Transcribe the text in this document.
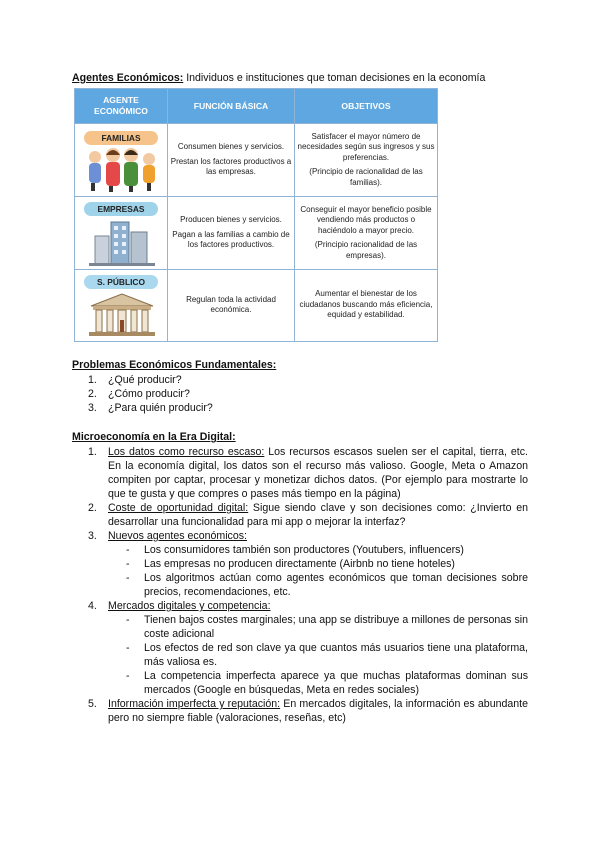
Agentes Económicos: Individuos e instituciones que toman decisiones en la economía
AGENTE ECONÓMICO
FUNCIÓN BÁSICA	OBJETIVOS
FAMILIAS

Consumen bienes y servicios.

Prestan los factores productivos a las empresas.

Satisfacer el mayor número de necesidades según sus ingresos y sus preferencias.

(Principio de racionalidad de las familias).

EMPRESAS

Producen bienes y servicios.

Pagan a las familias a cambio de los factores productivos.

Conseguir el mayor beneficio posible vendiendo más productos o haciéndolo a mayor precio.

(Principio racionalidad de las empresas).

S. PÚBLICO

Regulan toda la actividad económica.

Aumentar el bienestar de los ciudadanos buscando más eficiencia, equidad y estabilidad.

Problemas Económicos Fundamentales:
1. ¿Qué producir?
2. ¿Cómo producir?
3. ¿Para quién producir?
Microeconomía en la Era Digital:
1. Los datos como recurso escaso: Los recursos escasos suelen ser el capital, tierra, etc. En la economía digital, los datos son el recurso más valioso. Google, Meta o Amazon compiten por captar, procesar y monetizar dichos datos. (Por ejemplo para mostrarte lo que te gusta y que compres o pases más tiempo en la página)
2. Coste de oportunidad digital: Sigue siendo clave y son decisiones como: ¿Invierto en desarrollar una funcionalidad para mi app o mejorar la interfaz?
3. Nuevos agentes económicos:
- Los consumidores también son productores (Youtubers, influencers)
- Las empresas no producen directamente (Airbnb no tiene hoteles)
- Los algoritmos actúan como agentes económicos que toman decisiones sobre precios, recomendaciones, etc.
4. Mercados digitales y competencia:
- Tienen bajos costes marginales; una app se distribuye a millones de personas sin coste adicional
- Los efectos de red son clave ya que cuantos más usuarios tiene una plataforma, más valiosa es.
- La competencia imperfecta aparece ya que muchas plataformas dominan sus mercados (Google en búsquedas, Meta en redes sociales)
5. Información imperfecta y reputación: En mercados digitales, la información es abundante pero no siempre fiable (valoraciones, reseñas, etc)
